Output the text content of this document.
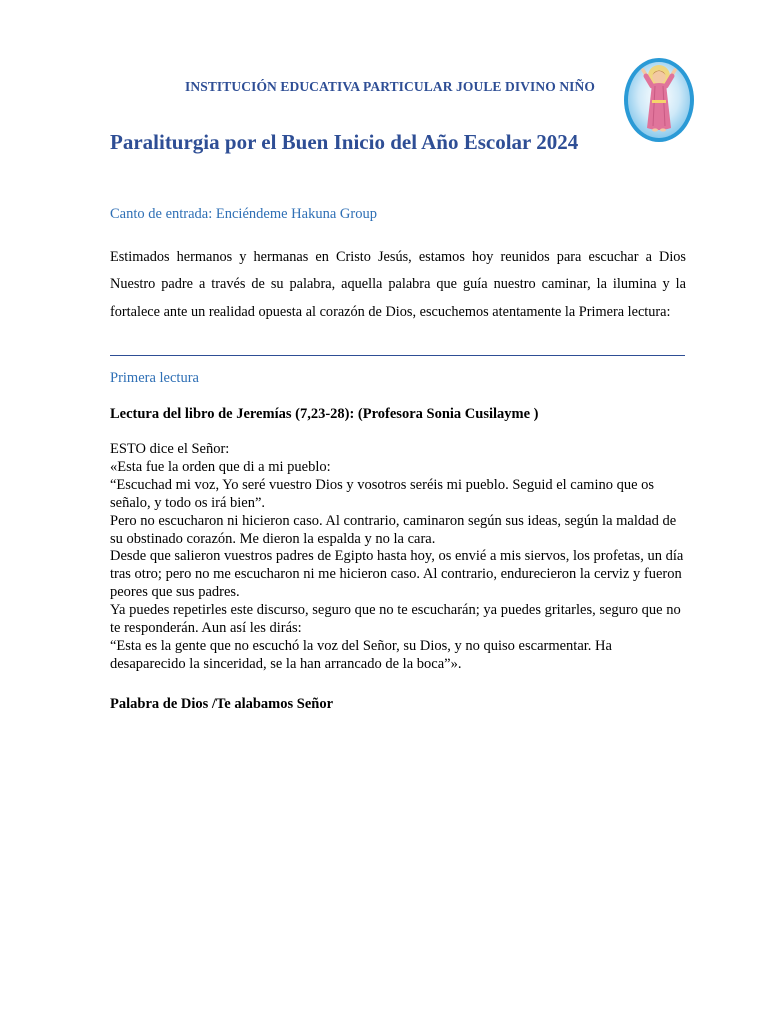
INSTITUCIÓN EDUCATIVA PARTICULAR JOULE DIVINO NIÑO
Paraliturgia por el Buen Inicio del Año Escolar 2024
Canto de entrada: Enciéndeme Hakuna Group

Estimados hermanos y hermanas en Cristo Jesús, estamos hoy reunidos para escuchar a Dios Nuestro padre a través de su palabra, aquella palabra que guía nuestro caminar, la ilumina y la fortalece ante un realidad opuesta al corazón de Dios, escuchemos atentamente la Primera lectura:

Primera lectura
Lectura del libro de Jeremías (7,23-28): (Profesora Sonia Cusilayme )

ESTO dice el Señor:

«Esta fue la orden que di a mi pueblo:

“Escuchad mi voz, Yo seré vuestro Dios y vosotros seréis mi pueblo. Seguid el camino que os señalo, y todo os irá bien”.

Pero no escucharon ni hicieron caso. Al contrario, caminaron según sus ideas, según la maldad de su obstinado corazón. Me dieron la espalda y no la cara.

Desde que salieron vuestros padres de Egipto hasta hoy, os envié a mis siervos, los profetas, un día tras otro; pero no me escucharon ni me hicieron caso. Al contrario, endurecieron la cerviz y fueron peores que sus padres.

Ya puedes repetirles este discurso, seguro que no te escucharán; ya puedes gritarles, seguro que no te responderán. Aun así les dirás:

“Esta es la gente que no escuchó la voz del Señor, su Dios, y no quiso escarmentar. Ha desaparecido la sinceridad, se la han arrancado de la boca”».

Palabra de Dios /Te alabamos Señor
